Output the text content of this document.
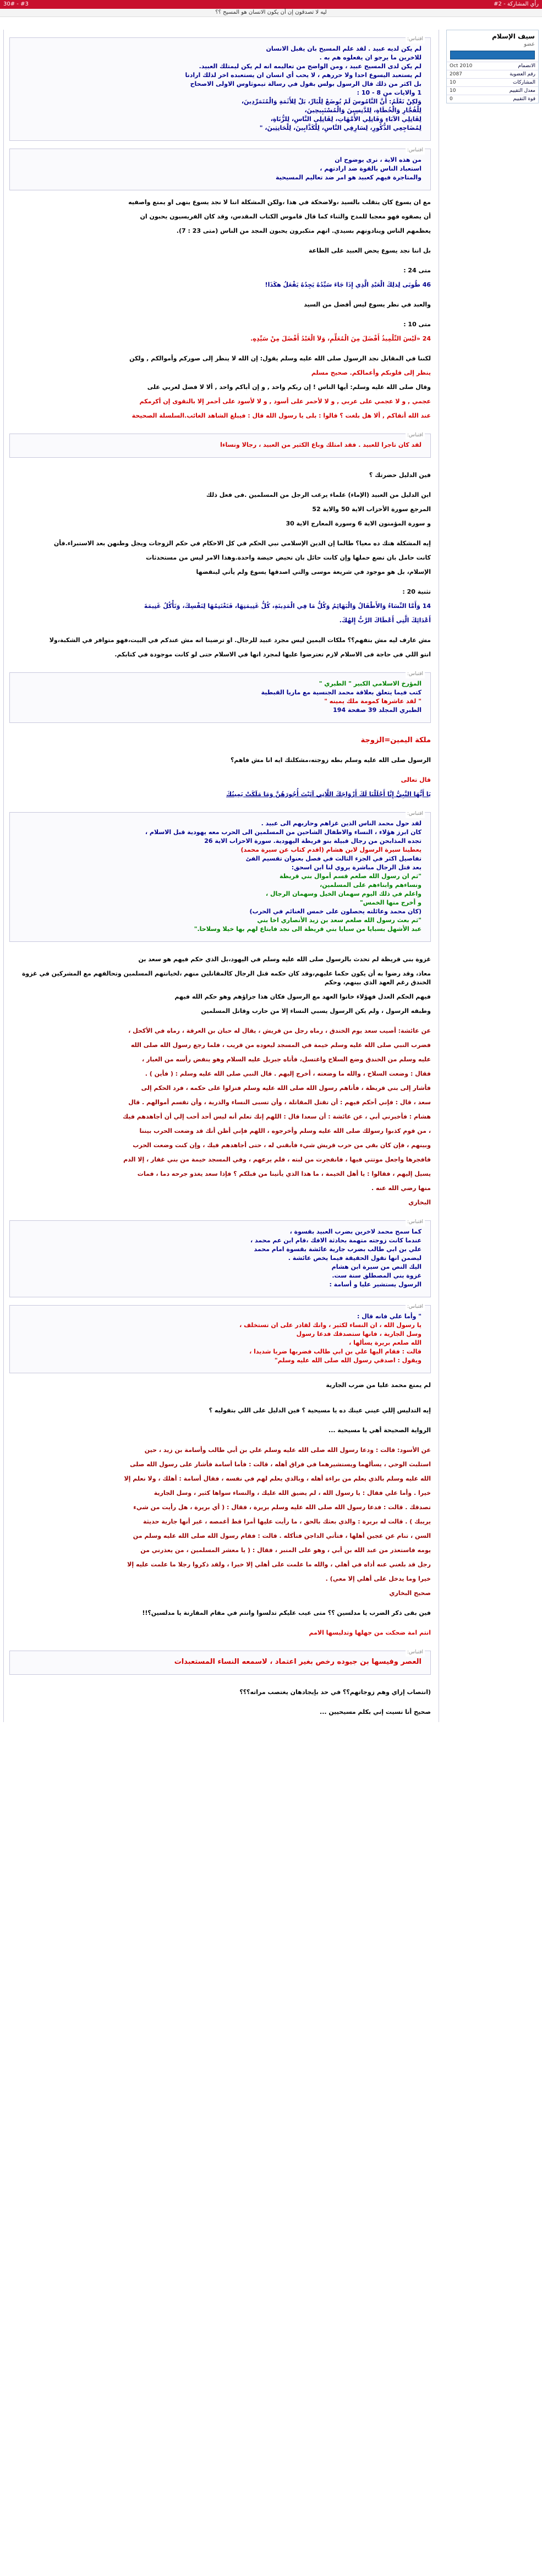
رأي المشاركة - 2#
#3 - 30#
ليه لا تصدقون إن أن يكون الانسان هو المسيح ؟؟
سيف الإسلام
عضو
الانضمام	Oct 2010
رقم العضوية	2087
المشاركات	10
معدل التقييم	10
قوة التقييم	0
اقتباس:

لم يكن لديه عبيد . لقد علم المسيح بان يقبل الانسان

للاخرين ما يرجو ان يفعلوه هم به .

لم يكن لدى المسيح عبيد ، ومن الواضح من تعاليمه انه لم يكن ليمتلك العبيد.

لم يستعبد اليسوع احدا ولا حررهم ، لا يحب أي انسان ان يستعبده اخر لذلك ارادنا

بل اكثر من ذلك قال الرسول بولس بقول في رسالة تيموثاوس الاولى الاصحاح

1 والايات من 8 - 10 :

وَلكِنْ نَعْلَمُ: أَنَّ النَّامُوسَ لَمْ يُوضَعْ لِلْبَارِّ، بَلْ لِلأَثَمَةِ وَالْمُتَمَرِّدِينَ،

لِلْفُجَّارِ وَالْخُطَاةِ، لِلدَّنِسِينَ وَالْمُسْتَبِيحِينَ،

لِقَاتِلِي الآبَاءِ وَقَاتِلِي الأُمَّهَاتِ، لِقَاتِلِي النَّاسِ، لِلزُّنَاةِ،

لِمُضَاجِعِي الذُّكُورِ، لِسَارِقِي النَّاسِ، لِلْكَذَّابِينَ، لِلْحَانِثِينَ، "

اقتباس:

من هذه الاية ، نرى يوضوح ان

استعباد الناس بالقوة ضد ارادتهم ،

والمتاجرة فيهم كعبيد هو امر ضد تعاليم المسيحية

مع ان يسوع كان يتقلب بالسيد ،ولاضخكة في هذا ،ولكن المشكلة اننا لا نجد يسوع ينهى او يمنع واصفيه

أن يصفوه فهو معجبا للمدح والثناء كما قال قاموس الكتاب المقدس، وقد كان الفريسيون يحبون ان

يعظمهم الناس وينادونهم بسيدي. انهم متكبرون يحبون المجد من الناس (متى 23 : 7).

بل اننا نجد يسوع يحض العبيد على الطاعة

متى 24 :

46 طُوبَى لِذلِكَ الْعَبْدِ الَّذِي إِذَا جَاءَ سَيِّدُهُ يَجِدُهُ يَفْعَلُ هكَذَا!

والعبد في نظر يسوع ليس أفضل من السيد

متى 10 :

24 «لَيْسَ التِّلْمِيذُ أَفْضَلَ مِنَ الْمُعَلِّمِ، وَلاَ الْعَبْدُ أَفْضَلَ مِنْ سَيِّدِهِ.

لكننا في المقابل نجد الرسول صلى الله عليه وسلم يقول: إن الله لا ينظر إلى صوركم وأموالكم , ولكن

ينظر إلى قلوبكم وأعمالكم. صحيح مسلم

وقال صلى الله عليه وسلم: أيها الناس ! إن ربكم واحد , و إن أباكم واحد , ألا لا فضل لعربي على

عجمي , و لا عجمي على عربي , و لا لأحمر على أسود , و لا لأسود على أحمر إلا بالتقوى إن أكرمكم

عند الله أتقاكم , ألا هل بلغت ؟ قالوا : بلى يا رسول الله قال : فيبلغ الشاهد الغائب.السلسلة الصحيحة

اقتباس:

لقد كان تاجرا للعبيد . فقد امتلك وباع الكثير من العبيد ، رجالا ونساءا

فين الدليل حضرتك ؟

اين الدليل من العبيد (الإماء) علماء يرغب الرجل من المسلمين .فى فعل ذلك

المرجع سورة الأحزاب الاية 50 والاية 52

و سورة المؤمنون الاية 6 وسورة المعارج الاية 30

إيه المشكلة هتك ده معيا؟ طالما إن الدين الإسلامي نبي الحكم في كل الاحكام في حكم الزوجات ويجل وطنهن بعد الاستبراء.فأن

كانت حامل بان تضع حملها وإن كانت حائل بان تحيض حيضة واحدة.وهذا الامر ليس من مستحدثات

الإسلام، بل هو موجود في شريعة موسى والتي اصدقها يسوع ولم يأتي لينقضها

تثنية 20 :

14 وَأَمَّا النِّسَاءُ وَالأَطْفَالُ وَالْبَهَائِمُ وَكُلُّ مَا فِي الْمَدِينَةِ، كُلُّ غَنِيمَتِهَا، فَتَغْتَنِمُهَا لِنَفْسِكَ، وَتَأْكُلُ غَنِيمَةَ

أَعْدَائِكَ الَّتِي أَعْطَاكَ الرَّبُّ إِلهُكَ.

مش عارف ليه مش بتفهم؟؟ ملكات اليمين ليس مجرد عبيد للرجال. او ترضينا انه مش عندكم في البيت،فهو متوافر في الشكبة،ولا

انتو اللي في حاجة فى الاسلام لازم تعترضوا عليها لمجرد انها في الاسلام حتى لو كانت موجودة في كتابكم.

اقتباس:

المؤرخ الاسلامي الكبير " الطبري "

كتب فيما يتعلق بعلاقة محمد الجنسية مع ماريا القبطية

" لقد عاشرها كمومة ملك يمينه "

الطبري المجلد 39 صفحة 194

ملكة اليمين=الزوجة

الرسول صلى الله عليه وسلم بطه زوجته،مشكلتك ايه انا مش فاهم؟

قال تعالى

يَا أَيُّهَا النَّبِيُّ إِنَّا أَحْلَلْنَا لَكَ أَزْوَاجَكَ اللَّاتِي آتَيْتَ أُجُورَهُنَّ وَمَا مَلَكَتْ يَمِينُكَ

اقتباس:

لقد حول محمد الناس الذين غزاهم وحاربهم الى عبيد .

كان ابرز هؤلاء ، النساء والاطفال الشاحين من المسلمين الى الحرب معه يهودية قبل الاسلام ،

تجده المذابحن من رجال قبيلة بنو قريظة اليهودية. سورة الاحزاب الاية 26

يعطينا سيرة الرسول لابن هشام (اقدم كتاب عن سيرة محمد)

تفاصيل اكثر في الجزء الثالث في فصل بعنوان تقسيم الفئ

بعد قتل الرجال مباشرة يروي لنا ابن اسحق:

"ثم ان رسول الله صلعم قسم أموال بني قريظة

ونساءهم وابناءهم على المسلمين،

واعلم في ذلك اليوم سهمان الخيل وسهمان الرجال ،

و أخرج منها الخمس"

(كان محمد وعائلته يحصلون على خمس الغنائم في الحرب)

"ثم بعث رسول الله صلعم سعد بن زيد الأنصاري اخا بني

عبد الأشهل بسبايا من سبايا بني قريظة الى نجد فابتاع لهم بها خيلا وسلاحا."

غزوة بني قريظة لم تحدث بالرسول صلى الله عليه وسلم في اليهود،بل الذي حكم فيهم هو سعد بن

معاذ، وقد رضوا به أن يكون حكما عليهم،وقد كان حكمه قتل الرجال كالمقاتلين منهم ،لخيانتهم المسلمين وتحالفهم مع المشركين في غزوة الخندق رغم العهد الذي بينهم، وحكم

فيهم الحكم العدل فهؤلاء خانوا العهد مع الرسول فكان هذا جزاؤهم وهو حكم الله فيهم

وطبقه الرسول ، ولم يكن الرسول يسبي النساء إلا من حارب وقاتل المسلمين

عن عائشة: أصيب سعد يوم الخندق ، رماه رجل من قريش ، يقال له حبان بن العرقة ، رماه في الأكحل ،

فضرب النبي صلى الله عليه وسلم خيمة في المسجد ليعوده من قريب ، فلما رجع رسول الله صلى الله

عليه وسلم من الخندق وضع السلاح واغتسل، فأتاه جبريل عليه السلام وهو ينفض رأسه من الغبار ،

فقال : وضعت السلاح ، والله ما وضعته ، أخرج إليهم . قال النبي صلى الله عليه وسلم : ( فأين ) .

فأشار إلى بني قريظة ، فأتاهم رسول الله صلى الله عليه وسلم فنزلوا على حكمه ، فرد الحكم إلى

سعد ، قال : فإني أحكم فيهم : أن تقتل المقاتلة ، وأن تسبى النساء والذرية ، وأن تقسم أموالهم . قال

هشام : فأخبرني أبي ، عن عائشة : أن سعدا قال : اللهم إنك تعلم أنه ليس أحد أحب إلي أن أجاهدهم فيك

، من قوم كذبوا رسولك صلى الله عليه وسلم وأخرجوه ، اللهم فإني أظن أنك قد وضعت الحرب بيننا

وبينهم ، فإن كان بقي من حرب قريش شيء فأبقني له ، حتى أجاهدهم فيك ، وإن كنت وضعت الحرب

فافجرها واجعل موتتي فيها ، فانفجرت من لبته ، فلم يرعهم ، وفي المسجد خيمة من بني غفار ، إلا الدم

يسيل إليهم ، فقالوا : يا أهل الخيمة ، ما هذا الذي يأتينا من قبلكم ؟ فإذا سعد يغذو جرحه دما ، فمات

منها رضي الله عنه .

البخاري

اقتباس:

كما سمح محمد لاخرين بضرب العبيد بقسوة ،

عندما كانت زوجته متهمة بحادثة الافك ،قام ابن عم محمد ،

علي بن ابي طالب بضرب جارية عائشة بقسوة امام محمد

ليضمن انها تقول الحقيقة فيما يخص عائشة .

اليك النص من سيرة ابن هشام

غزوة بني المصطلق سنة ست.

الرسول يستشير عليا و أسامة :

اقتباس:

" وأما علي فانه قال :

يا رسول الله ، ان النساء لكثير ، وانك لقادر على ان تستخلف ،

وسل الجارية ، فانها ستصدقك فدعا رسول

الله صلعم بريرة يسألها ،

قالت : فقام اليها علي بن ابي طالب فضربها ضربا شديدا ،

ويقول : اصدقي رسول الله صلى الله عليه وسلم"

لم يمنع محمد عليا من ضرب الجارية

إيه التدليس إللي عيني عينك ده يا مسيحية ؟ فين الدليل على اللي بتقوليه ؟

الرواية الصحيحة أهي يا مسيحية ...

عن الأسود: قالت : ودعا رسول الله صلى الله عليه وسلم علي بن أبي طالب وأسامة بن زيد ، حين

استلبث الوحي ، يسألهما ويستشيرهما في فراق أهله ، قالت : فأما أسامة فأشار على رسول الله صلى

الله عليه وسلم بالذي يعلم من براءة أهله ، وبالذي يعلم لهم في نفسه ، فقال أسامة : أهلك ، ولا نعلم إلا

خيرا . وأما علي فقال : يا رسول الله ، لم يضيق الله عليك ، والنساء سواها كثير ، وسل الجارية

تصدقك . قالت : فدعا رسول الله صلى الله عليه وسلم بريرة ، فقال : ( أي بريرة ، هل رأيت من شيء

يريبك ) . قالت له بريرة : والذي بعثك بالحق ، ما رأيت عليها أمرا قط أغمصه ، غير أنها جارية حديثة

السن ، تنام عن عجين أهلها ، فتأتي الداجن فتأكله . قالت : فقام رسول الله صلى الله عليه وسلم من

يومه فاستعذر من عبد الله بن أبي ، وهو على المنبر ، فقال : ( يا معشر المسلمين ، من يعذرني من

رجل قد بلغني عنه أذاه في أهلي ، والله ما علمت على أهلي إلا خيرا ، ولقد ذكروا رجلا ما علمت عليه إلا

خيرا وما يدخل على أهلي إلا معي) .

صحيح البخاري

فين بقى ذكر الضرب يا مدلسين ؟؟ متى عيب عليكم تدلسوا وانتم في مقام المقارنة يا مدلسين؟!!

انتم امة ضحكت من جهلها وتدليسها الامم

اقتباس:

العصر وفيسها بن جيوده رخص بغير اعتماد ، لاسمعه النساء المستعبدات

(انتصاب إزاي وهم زوجاتهم؟؟ في حد بإيجادهان يغتصب مراته؟؟؟

صحيح أنا نسيت إني بكلم مسيحيين ...
